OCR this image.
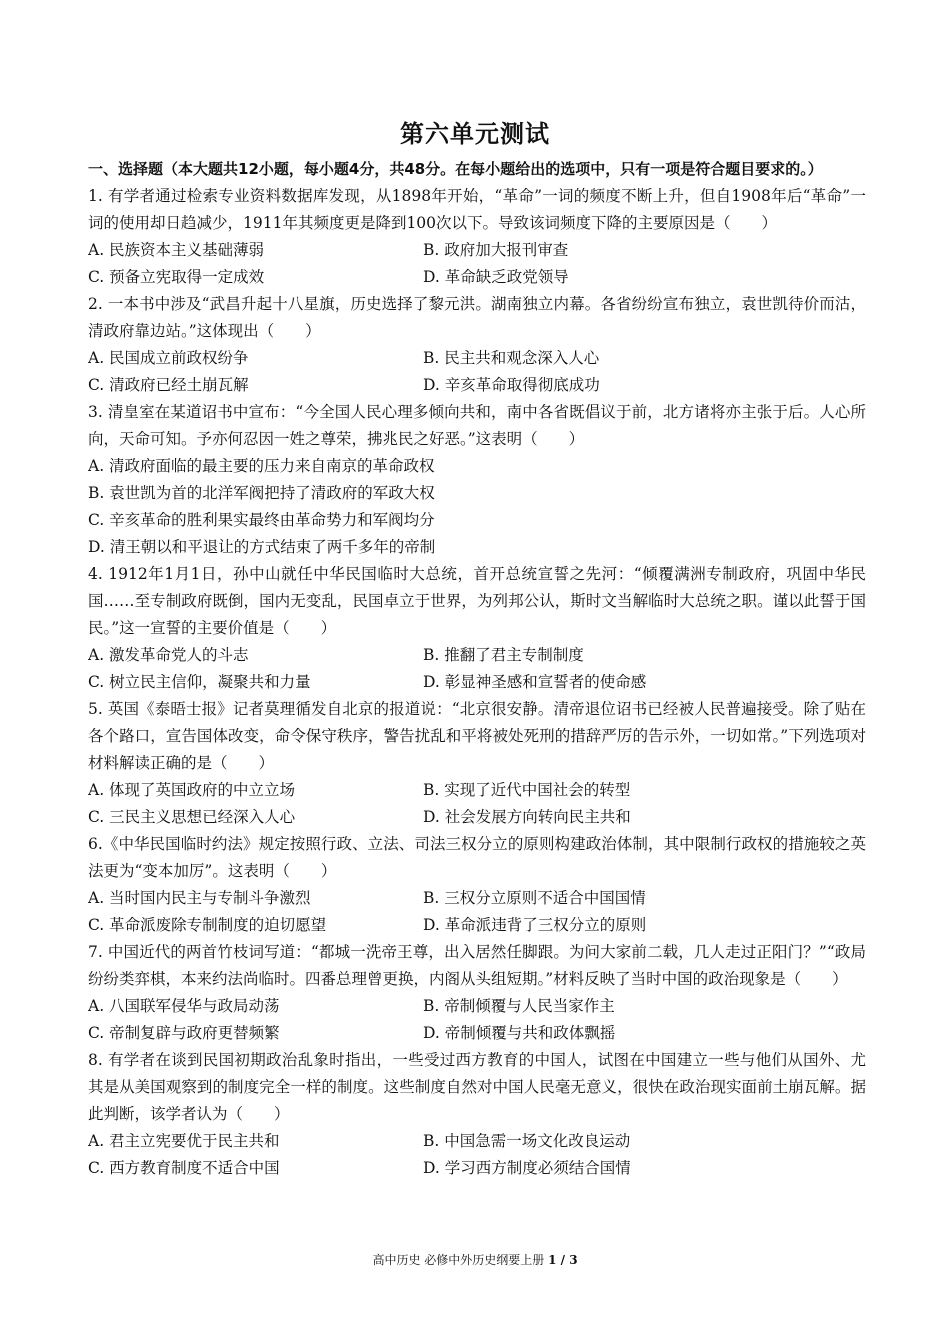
第六单元测试
一、选择题（本大题共12小题，每小题4分，共48分。在每小题给出的选项中，只有一项是符合题目要求的。）
1. 有学者通过检索专业资料数据库发现，从1898年开始，“革命”一词的频度不断上升，但自1908年后“革命”一词的使用却日趋减少，1911年其频度更是降到100次以下。导致该词频度下降的主要原因是（　　）
A. 民族资本主义基础薄弱	B. 政府加大报刊审查
C. 预备立宪取得一定成效	D. 革命缺乏政党领导
2. 一本书中涉及“武昌升起十八星旗，历史选择了黎元洪。湖南独立内幕。各省纷纷宣布独立，袁世凯待价而沽，清政府靠边站。”这体现出（　　）
A. 民国成立前政权纷争	B. 民主共和观念深入人心
C. 清政府已经土崩瓦解	D. 辛亥革命取得彻底成功
3. 清皇室在某道诏书中宣布：“今全国人民心理多倾向共和，南中各省既倡议于前，北方诸将亦主张于后。人心所向，天命可知。予亦何忍因一姓之尊荣，拂兆民之好恶。”这表明（　　）
A. 清政府面临的最主要的压力来自南京的革命政权
B. 袁世凯为首的北洋军阀把持了清政府的军政大权
C. 辛亥革命的胜利果实最终由革命势力和军阀均分
D. 清王朝以和平退让的方式结束了两千多年的帝制
4. 1912年1月1日，孙中山就任中华民国临时大总统，首开总统宣誓之先河：“倾覆满洲专制政府，巩固中华民国……至专制政府既倒，国内无变乱，民国卓立于世界，为列邦公认，斯时文当解临时大总统之职。谨以此誓于国民。”这一宣誓的主要价值是（　　）
A. 激发革命党人的斗志	B. 推翻了君主专制制度
C. 树立民主信仰，凝聚共和力量	D. 彰显神圣感和宣誓者的使命感
5. 英国《泰晤士报》记者莫理循发自北京的报道说：“北京很安静。清帝退位诏书已经被人民普遍接受。除了贴在各个路口，宣告国体改变，命令保守秩序，警告扰乱和平将被处死刑的措辞严厉的告示外，一切如常。”下列选项对材料解读正确的是（　　）
A. 体现了英国政府的中立立场	B. 实现了近代中国社会的转型
C. 三民主义思想已经深入人心	D. 社会发展方向转向民主共和
6.《中华民国临时约法》规定按照行政、立法、司法三权分立的原则构建政治体制，其中限制行政权的措施较之英法更为“变本加厉”。这表明（　　）
A. 当时国内民主与专制斗争激烈	B. 三权分立原则不适合中国国情
C. 革命派废除专制制度的迫切愿望	D. 革命派违背了三权分立的原则
7. 中国近代的两首竹枝词写道：“都城一洗帝王尊，出入居然任脚跟。为问大家前二载，几人走过正阳门？”“政局纷纷类弈棋，本来约法尚临时。四番总理曾更换，内阁从头组短期。”材料反映了当时中国的政治现象是（　　）
A. 八国联军侵华与政局动荡	B. 帝制倾覆与人民当家作主
C. 帝制复辟与政府更替频繁	D. 帝制倾覆与共和政体飘摇
8. 有学者在谈到民国初期政治乱象时指出，一些受过西方教育的中国人，试图在中国建立一些与他们从国外、尤其是从美国观察到的制度完全一样的制度。这些制度自然对中国人民毫无意义，很快在政治现实面前土崩瓦解。据此判断，该学者认为（　　）
A. 君主立宪要优于民主共和	B. 中国急需一场文化改良运动
C. 西方教育制度不适合中国	D. 学习西方制度必须结合国情
高中历史 必修中外历史纲要上册 1 / 3
